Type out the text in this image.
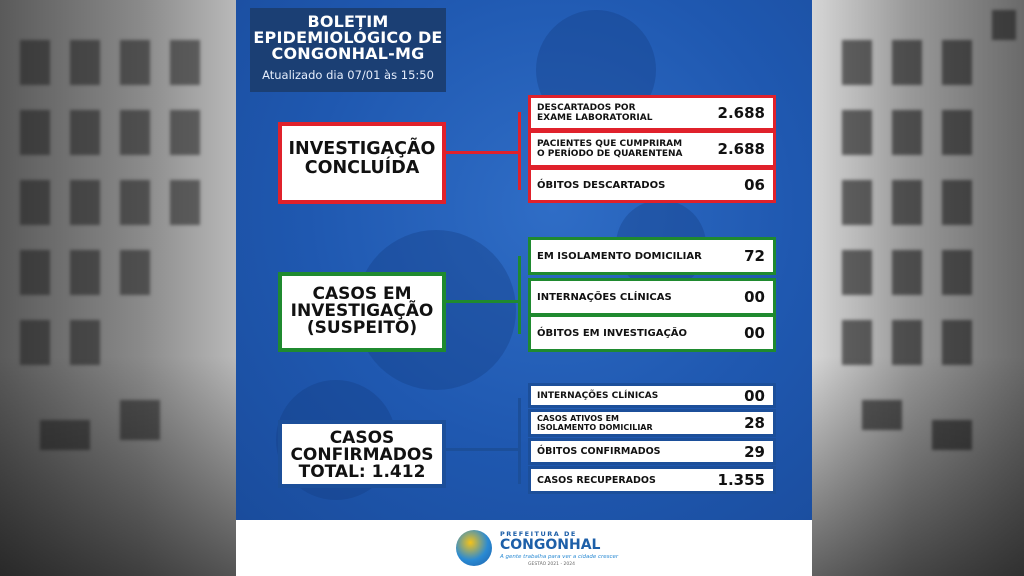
BOLETIM
EPIDEMIOLÓGICO DE
CONGONHAL-MG
Atualizado dia 07/01 às 15:50
INVESTIGAÇÃO
CONCLUÍDA
DESCARTADOS POR
EXAME LABORATORIAL	2.688
PACIENTES QUE CUMPRIRAM
O PERÍODO DE QUARENTENA 2.688
ÓBITOS DESCARTADOS	06
CASOS EM
INVESTIGAÇÃO
(SUSPEITO)
EM ISOLAMENTO DOMICILIAR	72
INTERNAÇÕES CLÍNICAS	00
ÓBITOS EM INVESTIGAÇÃO	00
CASOS
CONFIRMADOS
TOTAL: 1.412
INTERNAÇÕES CLÍNICAS	00
CASOS ATIVOS EM
ISOLAMENTO DOMICILIAR	28
ÓBITOS CONFIRMADOS	29
CASOS RECUPERADOS	1.355
PREFEITURA DE
CONGONHAL
A gente trabalha para ver a cidade crescer
GESTÃO 2021 - 2024
